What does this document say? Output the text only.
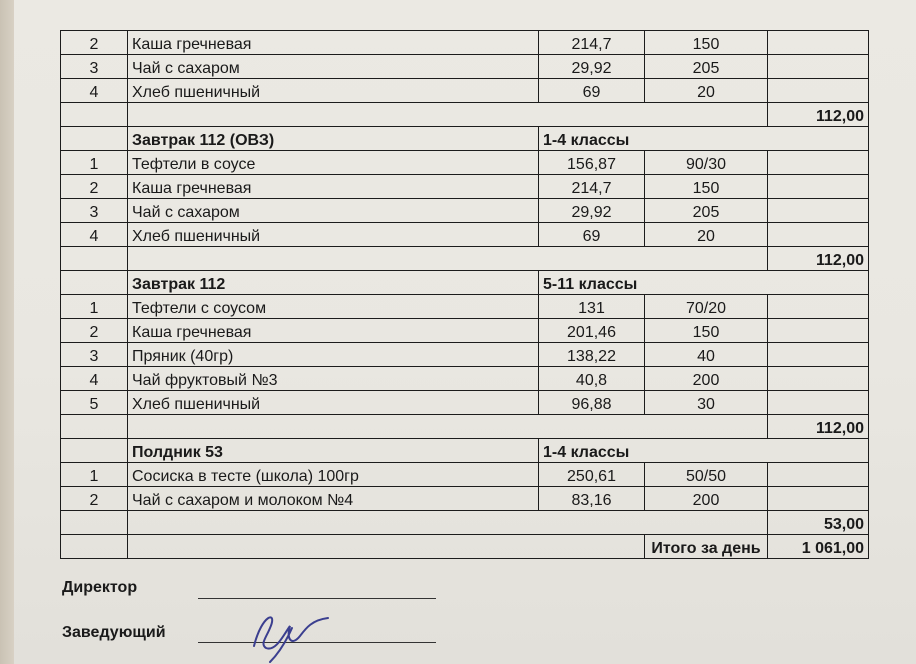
2	Каша гречневая	214,7	150	
3	Чай с сахаром	29,92	205	
4	Хлеб пшеничный	69	20	
				112,00
	Завтрак 112 (ОВЗ)	1-4 классы		
1	Тефтели в соусе	156,87	90/30	
2	Каша гречневая	214,7	150	
3	Чай с сахаром	29,92	205	
4	Хлеб пшеничный	69	20	
				112,00
	Завтрак 112	5-11 классы		
1	Тефтели с соусом	131	70/20	
2	Каша гречневая	201,46	150	
3	Пряник (40гр)	138,22	40	
4	Чай фруктовый №3	40,8	200	
5	Хлеб пшеничный	96,88	30	
				112,00
	Полдник 53	1-4 классы		
1	Сосиска в тесте (школа) 100гр	250,61	50/50	
2	Чай с сахаром и молоком №4	83,16	200	
				53,00
			Итого за день	1 061,00
Директор
Заведующий
